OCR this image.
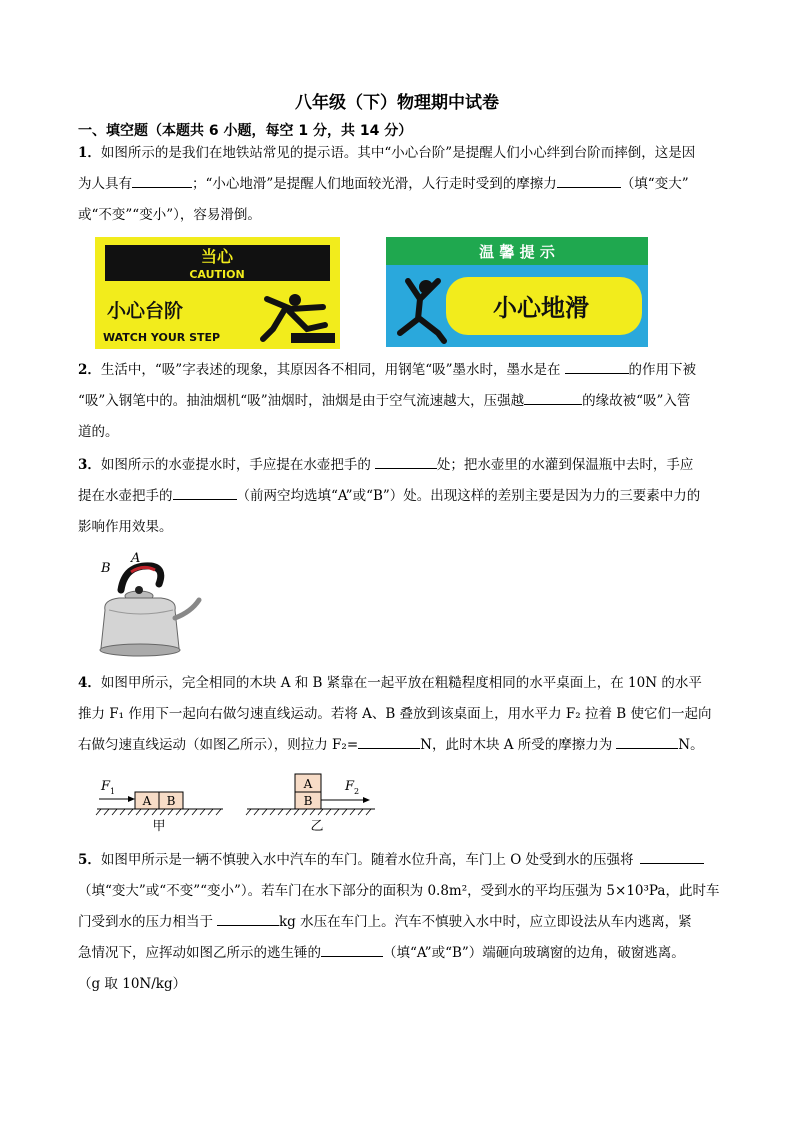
八年级（下）物理期中试卷
一、填空题（本题共 6 小题，每空 1 分，共 14 分）
1．如图所示的是我们在地铁站常见的提示语。其中“小心台阶”是提醒人们小心绊到台阶而摔倒，这是因
为人具有	；“小心地滑”是提醒人们地面较光滑，人行走时受到的摩擦力	（填“变大”
或“不变”“变小”），容易滑倒。
当心
CAUTION
小心台阶
WATCH YOUR STEP
温 馨 提 示
小心地滑
2．生活中，“吸”字表述的现象，其原因各不相同，用钢笔“吸”墨水时，墨水是在	的作用下被
“吸”入钢笔中的。抽油烟机“吸”油烟时，油烟是由于空气流速越大，压强越	的缘故被“吸”入管
道的。
3．如图所示的水壶提水时，手应提在水壶把手的	处；把水壶里的水灌到保温瓶中去时，手应
提在水壶把手的	（前两空均选填“A”或“B”）处。出现这样的差别主要是因为力的三要素中力的
影响作用效果。
A
B
4．如图甲所示，完全相同的木块 A 和 B 紧靠在一起平放在粗糙程度相同的水平桌面上，在 10N 的水平
推力 F₁ 作用下一起向右做匀速直线运动。若将 A、B 叠放到该桌面上，用水平力 F₂ 拉着 B 使它们一起向
右做匀速直线运动（如图乙所示），则拉力 F₂=	N，此时木块 A 所受的摩擦力为	N。
F 1
A B
甲
A
B
F 2
乙
5．如图甲所示是一辆不慎驶入水中汽车的车门。随着水位升高，车门上 O 处受到水的压强将
（填“变大”或“不变”“变小”）。若车门在水下部分的面积为 0.8m²，受到水的平均压强为 5×10³Pa，此时车
门受到水的压力相当于	kg 水压在车门上。汽车不慎驶入水中时，应立即设法从车内逃离，紧
急情况下，应挥动如图乙所示的逃生锤的	（填“A”或“B”）端砸向玻璃窗的边角，破窗逃离。
（g 取 10N/kg）
